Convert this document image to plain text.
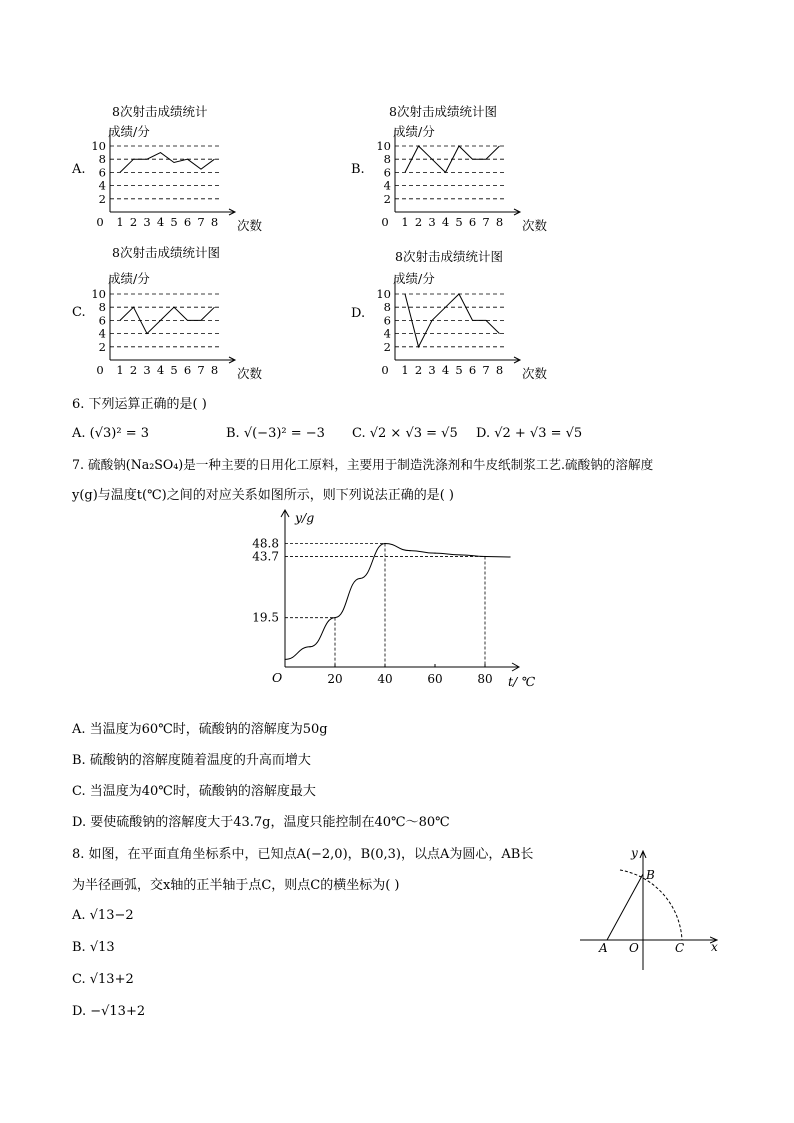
A.
8次射击成绩统计
成绩/分
10
8
6
4
2
0 1 2 3 4 5 6 7 8 次数
B.
8次射击成绩统计图
成绩/分
10
8
6
4
2
0 1 2 3 4 5 6 7 8 次数
C.
8次射击成绩统计图
成绩/分
10
8
6
4
2
0 1 2 3 4 5 6 7 8 次数
D.
8次射击成绩统计图
成绩/分
10
8
6
4
2
0 1 2 3 4 5 6 7 8 次数
6. 下列运算正确的是( )
A. (√3)² = 3	B. √(−3)² = −3 C. √2 × √3 = √5 D. √2 + √3 = √5
7. 硫酸钠(Na₂SO₄)是一种主要的日用化工原料，主要用于制造洗涤剂和牛皮纸制浆工艺.硫酸钠的溶解度
y(g)与温度t(℃)之间的对应关系如图所示，则下列说法正确的是( )
y/g
t/ ℃
O	20	40	60	80
19.5
43.7
48.8
A. 当温度为60℃时，硫酸钠的溶解度为50g
B. 硫酸钠的溶解度随着温度的升高而增大
C. 当温度为40℃时，硫酸钠的溶解度最大
D. 要使硫酸钠的溶解度大于43.7g，温度只能控制在40℃～80℃
8. 如图，在平面直角坐标系中，已知点A(−2,0)，B(0,3)，以点A为圆心，AB长
为半径画弧，交x轴的正半轴于点C，则点C的横坐标为( )
A. √13−2
B. √13
C. √13+2
D. −√13+2
y
x
A O
B
C
